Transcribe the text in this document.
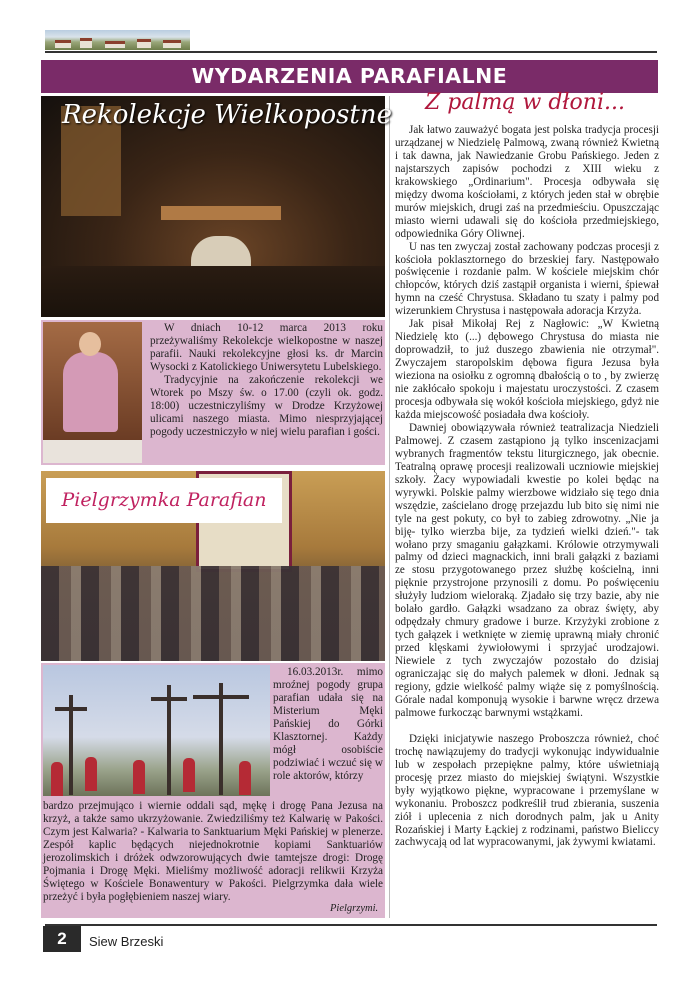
WYDARZENIA PARAFIALNE
Rekolekcje Wielkopostne

W dniach 10-12 marca 2013 roku przeżywaliśmy Rekolekcje wielkopostne w naszej parafii. Nauki rekolekcyjne głosi ks. dr Marcin Wysocki z Katolickiego Uniwersytetu Lubelskiego.

Tradycyjnie na zakończenie rekolekcji we Wtorek po Mszy św. o 17.00 (czyli ok. godz. 18:00) uczestniczyliśmy w Drodze Krzyżowej ulicami naszego miasta. Mimo niesprzyjającej pogody uczestniczyło w niej wielu parafian i gości.

Pielgrzymka Parafian

16.03.2013r. mimo mroźnej pogody grupa parafian udała się na Misterium Męki Pańskiej do Górki Klasztornej. Każdy mógł osobiście podziwiać i wczuć się w role aktorów, którzy

bardzo przejmująco i wiernie oddali sąd, mękę i drogę Pana Jezusa na krzyż, a także samo ukrzyżowanie. Zwiedziliśmy też Kalwarię w Pakości. Czym jest Kalwaria? - Kalwaria to Sanktuarium Męki Pańskiej w plenerze. Zespół kaplic będących niejednokrotnie kopiami Sanktuariów jerozolimskich i dróżek odwzorowujących dwie tamtejsze drogi: Drogę Pojmania i Drogę Męki. Mieliśmy możliwość adoracji relikwii Krzyża Świętego w Kościele Bonawentury w Pakości. Pielgrzymka dała wiele przeżyć i była pogłębieniem naszej wiary.
Pielgrzymi.
Z palmą w dłoni...

Jak łatwo zauważyć bogata jest polska tradycja procesji urządzanej w Niedzielę Palmową, zwaną również Kwietną i tak dawna, jak Nawiedzanie Grobu Pańskiego. Jeden z najstarszych zapisów pochodzi z XIII wieku z krakowskiego „Ordinarium". Procesja odbywała się między dwoma kościołami, z których jeden stał w obrębie murów miejskich, drugi zaś na przedmieściu. Opuszczając miasto wierni udawali się do kościoła przedmiejskiego, odpowiednika Góry Oliwnej.

U nas ten zwyczaj został zachowany podczas procesji z kościoła poklasztornego do brzeskiej fary. Następowało poświęcenie i rozdanie palm. W kościele miejskim chór chłopców, których dziś zastąpił organista i wierni, śpiewał hymn na cześć Chrystusa. Składano tu szaty i palmy pod wizerunkiem Chrystusa i następowała adoracja Krzyża.

Jak pisał Mikołaj Rej z Nagłowic: „W Kwietną Niedzielę kto (...) dębowego Chrystusa do miasta nie doprowadził, to już duszego zbawienia nie otrzymał". Zwyczajem staropolskim dębowa figura Jezusa była wieziona na osiołku z ogromną dbałością o to , by zwierzę nie zakłócało spokoju i majestatu uroczystości. Z czasem procesja odbywała się wokół kościoła miejskiego, gdyż nie każda miejscowość posiadała dwa kościoły.

Dawniej obowiązywała również teatralizacja Niedzieli Palmowej. Z czasem zastąpiono ją tylko inscenizacjami wybranych fragmentów tekstu liturgicznego, jak obecnie. Teatralną oprawę procesji realizowali uczniowie miejskiej szkoły. Żacy wypowiadali kwestie po kolei będąc na wyrywki. Polskie palmy wierzbowe widziało się tego dnia wszędzie, zaścielano drogę przejazdu lub bito się nimi nie tyle na gest pokuty, co był to zabieg zdrowotny. „Nie ja biję- tylko wierzba bije, za tydzień wielki dzień."- tak wołano przy smaganiu gałązkami. Królowie otrzymywali palmy od dzieci magnackich, inni brali gałązki z baziami ze stosu przygotowanego przez służbę kościelną, inni pięknie przystrojone przynosili z domu. Po poświęceniu służyły ludziom wieloraką. Zjadało się trzy bazie, aby nie bolało gardło. Gałązki wsadzano za obraz święty, aby odpędzały chmury gradowe i burze. Krzyżyki zrobione z tych gałązek i wetknięte w ziemię uprawną miały chronić przed klęskami żywiołowymi i sprzyjać urodzajowi. Niewiele z tych zwyczajów pozostało do dzisiaj ograniczając się do małych palemek w dłoni. Jednak są regiony, gdzie wielkość palmy wiąże się z pomyślnością. Górale nadal komponują wysokie i barwne wręcz drzewa palmowe furkocząc barwnymi wstążkami.

Dzięki inicjatywie naszego Proboszcza również, choć trochę nawiązujemy do tradycji wykonując indywidualnie lub w zespołach przepiękne palmy, które uświetniają procesję przez miasto do miejskiej świątyni. Wszystkie były wyjątkowo piękne, wypracowane i przemyślane w wykonaniu. Proboszcz podkreślił trud zbierania, suszenia ziół i uplecenia z nich dorodnych palm, jak u Anity Rozańskiej i Marty Łąckiej z rodzinami, państwo Bieliccy zachwycają od lat wypracowanymi, jak żywymi kwiatami.

2	Siew Brzeski
